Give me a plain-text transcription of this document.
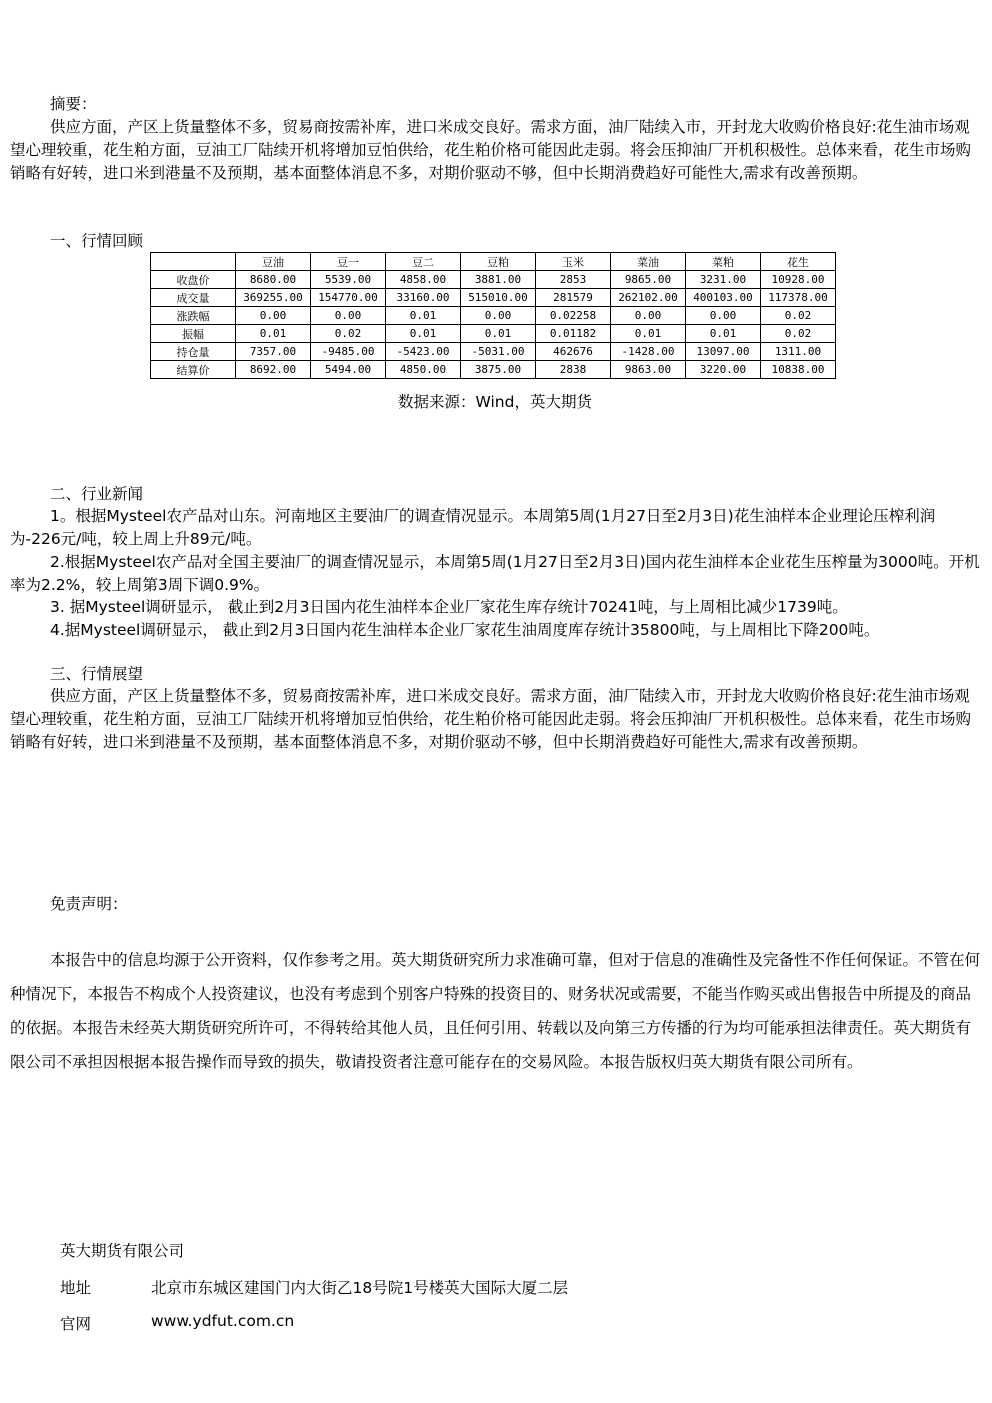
摘要：

供应方面，产区上货量整体不多，贸易商按需补库，进口米成交良好。需求方面，油厂陆续入市，开封龙大收购价格良好:花生油市场观望心理较重，花生粕方面，豆油工厂陆续开机将增加豆怕供给，花生粕价格可能因此走弱。将会压抑油厂开机积极性。总体来看，花生市场购销略有好转，进口米到港量不及预期，基本面整体消息不多，对期价驱动不够，但中长期消费趋好可能性大,需求有改善预期。

一、行情回顾
	豆油	豆一	豆二	豆粕	玉米	菜油	菜粕	花生
收盘价	8680.00	5539.00	4858.00	3881.00	2853	9865.00	3231.00	10928.00
成交量	369255.00	154770.00	33160.00	515010.00	281579	262102.00	400103.00	117378.00
涨跌幅	0.00	0.00	0.01	0.00	0.02258	0.00	0.00	0.02
振幅	0.01	0.02	0.01	0.01	0.01182	0.01	0.01	0.02
持仓量	7357.00	-9485.00	-5423.00	-5031.00	462676	-1428.00	13097.00	1311.00
结算价	8692.00	5494.00	4850.00	3875.00	2838	9863.00	3220.00	10838.00
数据来源：Wind，英大期货
二、行业新闻

1。根据Mysteel农产品对山东。河南地区主要油厂的调查情况显示。本周第5周(1月27日至2月3日)花生油样本企业理论压榨利润为-226元/吨，较上周上升89元/吨。

2.根据Mysteel农产品对全国主要油厂的调查情况显示，本周第5周(1月27日至2月3日)国内花生油样本企业花生压榨量为3000吨。开机率为2.2%，较上周第3周下调0.9%。

3. 据Mysteel调研显示， 截止到2月3日国内花生油样本企业厂家花生库存统计70241吨，与上周相比减少1739吨。

4.据Mysteel调研显示， 截止到2月3日国内花生油样本企业厂家花生油周度库存统计35800吨，与上周相比下降200吨。

三、行情展望

供应方面，产区上货量整体不多，贸易商按需补库，进口米成交良好。需求方面，油厂陆续入市，开封龙大收购价格良好:花生油市场观望心理较重，花生粕方面，豆油工厂陆续开机将增加豆怕供给，花生粕价格可能因此走弱。将会压抑油厂开机积极性。总体来看，花生市场购销略有好转，进口米到港量不及预期，基本面整体消息不多，对期价驱动不够，但中长期消费趋好可能性大,需求有改善预期。

免责声明：

本报告中的信息均源于公开资料，仅作参考之用。英大期货研究所力求准确可靠，但对于信息的准确性及完备性不作任何保证。不管在何种情况下，本报告不构成个人投资建议，也没有考虑到个别客户特殊的投资目的、财务状况或需要，不能当作购买或出售报告中所提及的商品的依据。本报告未经英大期货研究所许可，不得转给其他人员，且任何引用、转载以及向第三方传播的行为均可能承担法律责任。英大期货有限公司不承担因根据本报告操作而导致的损失，敬请投资者注意可能存在的交易风险。本报告版权归英大期货有限公司所有。

英大期货有限公司
地址	北京市东城区建国门内大街乙18号院1号楼英大国际大厦二层
官网	www.ydfut.com.cn
